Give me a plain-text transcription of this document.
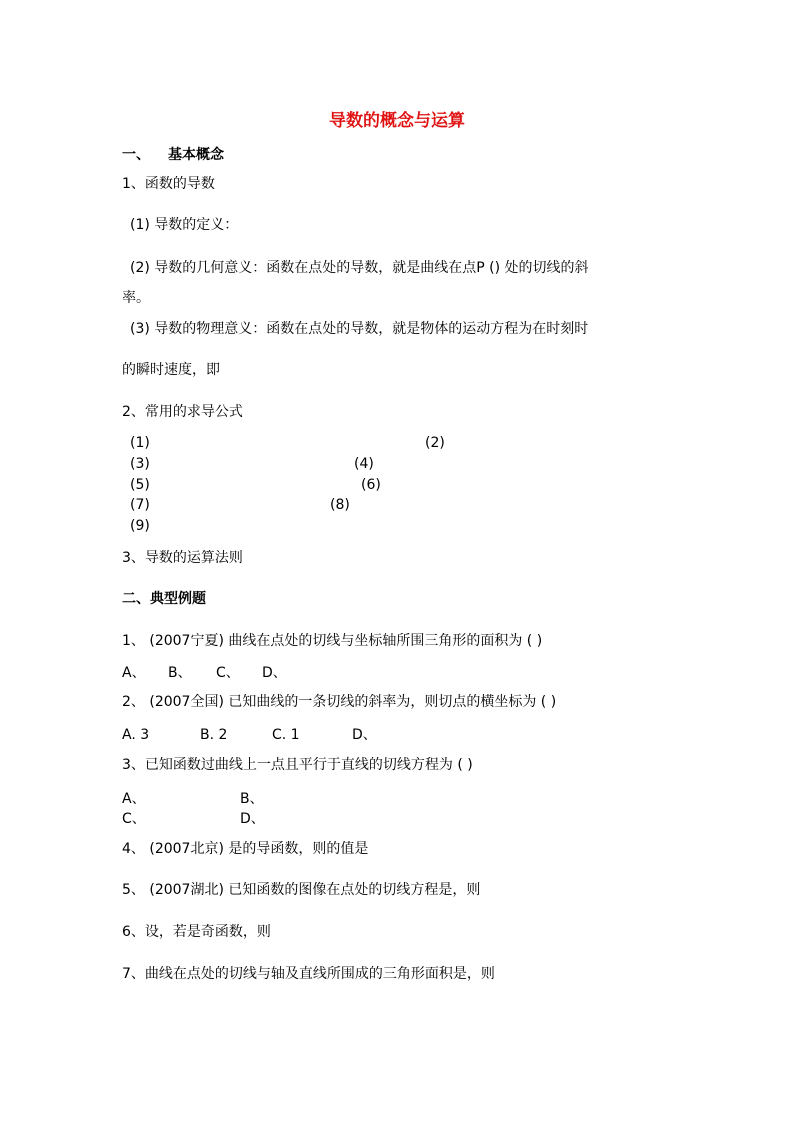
导数的概念与运算
一、 基本概念
1、函数的导数
(1) 导数的定义：
(2) 导数的几何意义：函数在点处的导数，就是曲线在点P () 处的切线的斜
率。
(3) 导数的物理意义：函数在点处的导数，就是物体的运动方程为在时刻时
的瞬时速度，即
2、常用的求导公式
(1)	(2)
(3)	(4)
(5)	(6)
(7)	(8)
(9)
3、导数的运算法则
二、典型例题
1、 (2007宁夏) 曲线在点处的切线与坐标轴所围三角形的面积为 ( )
A、 B、 C、 D、
2、 (2007全国) 已知曲线的一条切线的斜率为，则切点的横坐标为 ( )
A. 3	B. 2	C. 1	D、
3、已知函数过曲线上一点且平行于直线的切线方程为 ( )
A、	B、
C、	D、
4、 (2007北京) 是的导函数，则的值是
5、 (2007湖北) 已知函数的图像在点处的切线方程是，则
6、设，若是奇函数，则
7、曲线在点处的切线与轴及直线所围成的三角形面积是，则
